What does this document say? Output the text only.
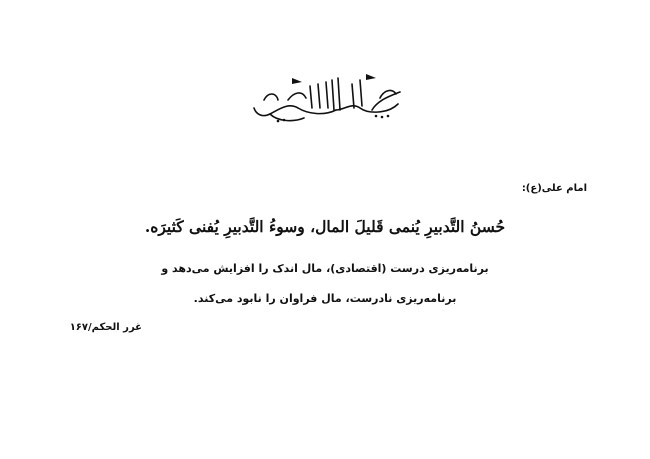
امام علی(ع):
حُسنُ التَّدبیرِ یُنمی قَلیلَ المال، وسوءُ التَّدبیرِ یُفنی کَثیرَه.
برنامه‌ریزی درست (اقتصادی)، مال اندک را افزایش می‌دهد و
برنامه‌ریزی نادرست، مال فراوان را نابود می‌کند.
غرر الحکم/۱۶۷
